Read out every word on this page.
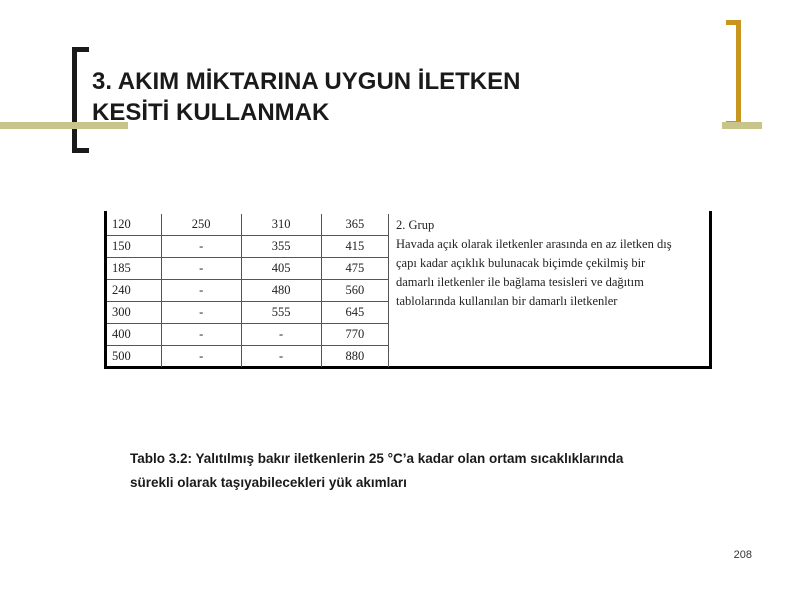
3. AKIM MİKTARINA UYGUN İLETKEN
KESİTİ KULLANMAK
120	250	310	365
150	-	355	415
185	-	405	475
240	-	480	560
300	-	555	645
400	-	-	770
500	-	-	880
2. Grup
Havada açık olarak iletkenler arasında en az iletken dış
çapı kadar açıklık bulunacak biçimde çekilmiş bir
damarlı iletkenler ile bağlama tesisleri ve dağıtım
tablolarında kullanılan bir damarlı iletkenler
Tablo 3.2: Yalıtılmış bakır iletkenlerin 25 °C’a kadar olan ortam sıcaklıklarında
sürekli olarak taşıyabilecekleri yük akımları
208
